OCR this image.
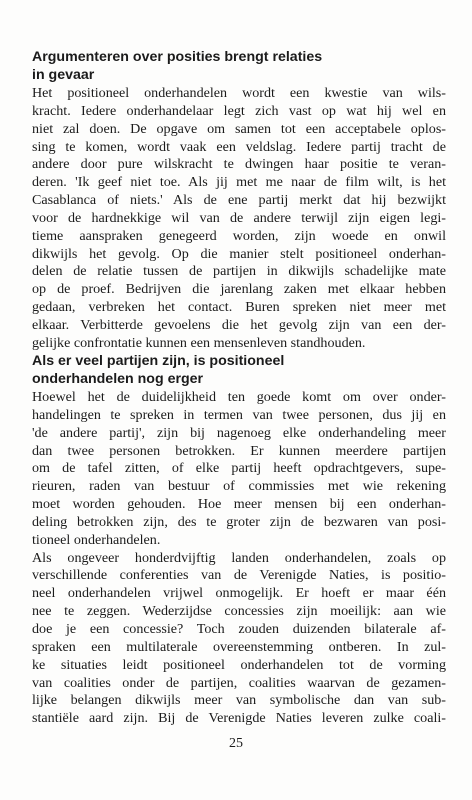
Argumenteren over posities brengt relaties
in gevaar
Het positioneel onderhandelen wordt een kwestie van wils-
kracht. Iedere onderhandelaar legt zich vast op wat hij wel en
niet zal doen. De opgave om samen tot een acceptabele oplos-
sing te komen, wordt vaak een veldslag. Iedere partij tracht de
andere door pure wilskracht te dwingen haar positie te veran-
deren. 'Ik geef niet toe. Als jij met me naar de film wilt, is het
Casablanca of niets.' Als de ene partij merkt dat hij bezwijkt
voor de hardnekkige wil van de andere terwijl zijn eigen legi-
tieme aanspraken genegeerd worden, zijn woede en onwil
dikwijls het gevolg. Op die manier stelt positioneel onderhan-
delen de relatie tussen de partijen in dikwijls schadelijke mate
op de proef. Bedrijven die jarenlang zaken met elkaar hebben
gedaan, verbreken het contact. Buren spreken niet meer met
elkaar. Verbitterde gevoelens die het gevolg zijn van een der-
gelijke confrontatie kunnen een mensenleven standhouden.
Als er veel partijen zijn, is positioneel
onderhandelen nog erger
Hoewel het de duidelijkheid ten goede komt om over onder-
handelingen te spreken in termen van twee personen, dus jij en
'de andere partij', zijn bij nagenoeg elke onderhandeling meer
dan twee personen betrokken. Er kunnen meerdere partijen
om de tafel zitten, of elke partij heeft opdrachtgevers, supe-
rieuren, raden van bestuur of commissies met wie rekening
moet worden gehouden. Hoe meer mensen bij een onderhan-
deling betrokken zijn, des te groter zijn de bezwaren van posi-
tioneel onderhandelen.
Als ongeveer honderdvijftig landen onderhandelen, zoals op
verschillende conferenties van de Verenigde Naties, is positio-
neel onderhandelen vrijwel onmogelijk. Er hoeft er maar één
nee te zeggen. Wederzijdse concessies zijn moeilijk: aan wie
doe je een concessie? Toch zouden duizenden bilaterale af-
spraken een multilaterale overeenstemming ontberen. In zul-
ke situaties leidt positioneel onderhandelen tot de vorming
van coalities onder de partijen, coalities waarvan de gezamen-
lijke belangen dikwijls meer van symbolische dan van sub-
stantiële aard zijn. Bij de Verenigde Naties leveren zulke coali-
25
